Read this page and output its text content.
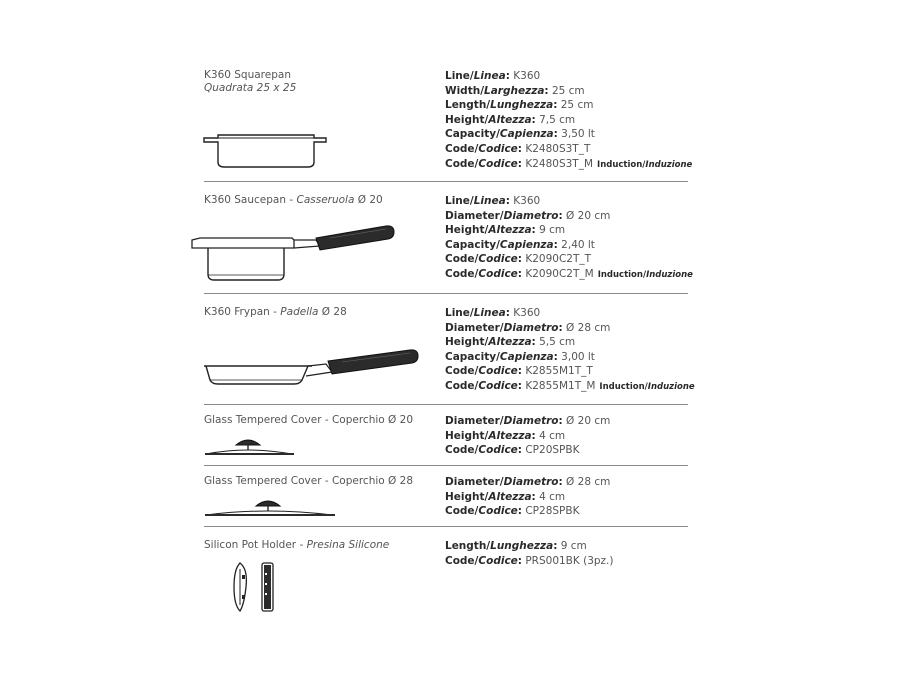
K360 Squarepan
Quadrata 25 x 25
Line/Linea: K360
Width/Larghezza: 25 cm
Length/Lunghezza: 25 cm
Height/Altezza: 7,5 cm
Capacity/Capienza: 3,50 lt
Code/Codice: K2480S3T_T
Code/Codice: K2480S3T_M Induction/Induzione
K360 Saucepan - Casseruola Ø 20	Line/Linea: K360
Diameter/Diametro: Ø 20 cm
Height/Altezza: 9 cm
Capacity/Capienza: 2,40 lt
Code/Codice: K2090C2T_T
Code/Codice: K2090C2T_M Induction/Induzione
K360 Frypan - Padella Ø 28	Line/Linea: K360
Diameter/Diametro: Ø 28 cm
Height/Altezza: 5,5 cm
Capacity/Capienza: 3,00 lt
Code/Codice: K2855M1T_T
Code/Codice: K2855M1T_M Induction/Induzione
Glass Tempered Cover - Coperchio Ø 20	Diameter/Diametro: Ø 20 cm
Height/Altezza: 4 cm
Code/Codice: CP20SPBK
Glass Tempered Cover - Coperchio Ø 28	Diameter/Diametro: Ø 28 cm
Height/Altezza: 4 cm
Code/Codice: CP28SPBK
Silicon Pot Holder - Presina Silicone	Length/Lunghezza: 9 cm
Code/Codice: PRS001BK (3pz.)
